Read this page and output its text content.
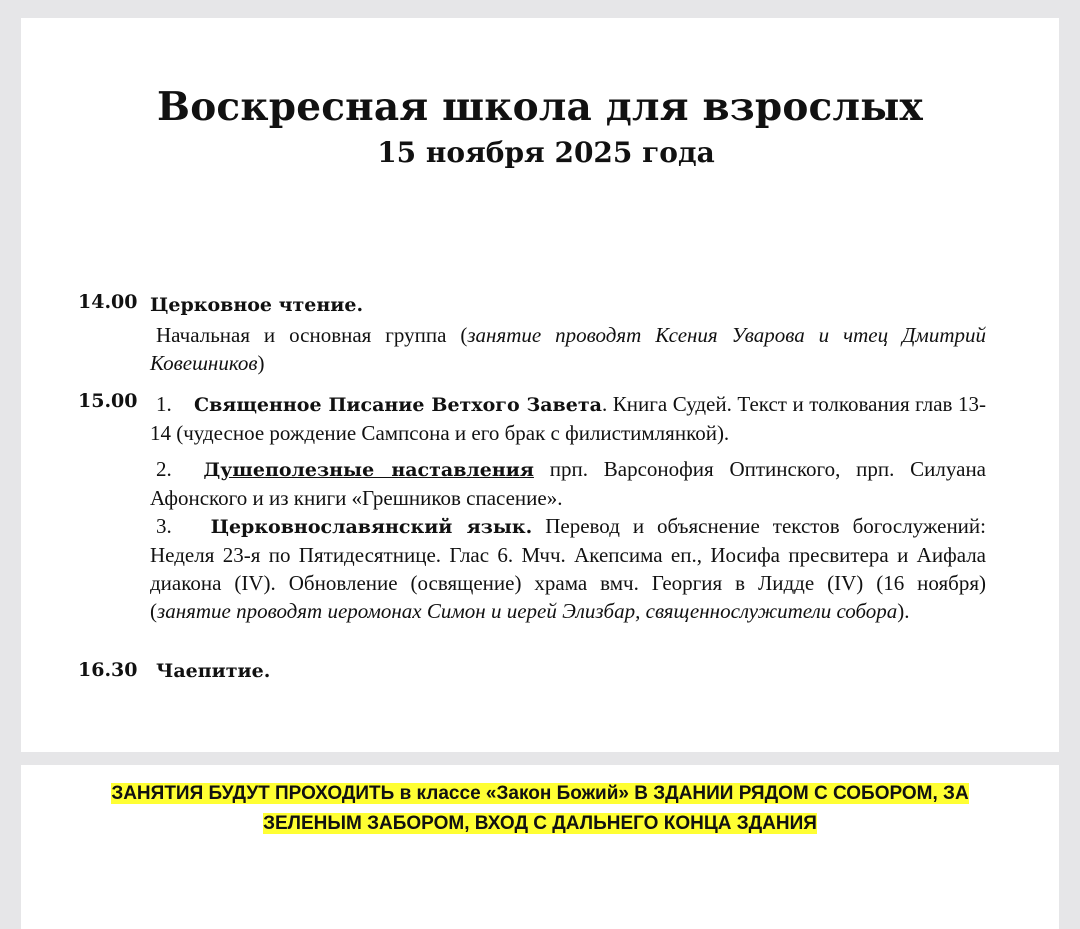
Воскресная школа для взрослых
15 ноября 2025 года
14.00 Церковное чтение.
Начальная и основная группа (занятие проводят Ксения Уварова и чтец Дмитрий Ковешников)
15.00 1. Священное Писание Ветхого Завета. Книга Судей. Текст и толкования глав 13-14 (чудесное рождение Сампсона и его брак с филистимлянкой).
2. Душеполезные наставления прп. Варсонофия Оптинского, прп. Силуана Афонского и из книги «Грешников спасение».
3. Церковнославянский язык. Перевод и объяснение текстов богослужений: Неделя 23-я по Пятидесятнице. Глас 6. Мчч. Акепсима еп., Иосифа пресвитера и Аифала диакона (IV). Обновление (освящение) храма вмч. Георгия в Лидде (IV) (16 ноября) (занятие проводят иеромонах Симон и иерей Элизбар, священнослужители собора).
16.30 Чаепитие.
ЗАНЯТИЯ БУДУТ ПРОХОДИТЬ в классе «Закон Божий» В ЗДАНИИ РЯДОМ С СОБОРОМ, ЗА
ЗЕЛЕНЫМ ЗАБОРОМ, ВХОД С ДАЛЬНЕГО КОНЦА ЗДАНИЯ
